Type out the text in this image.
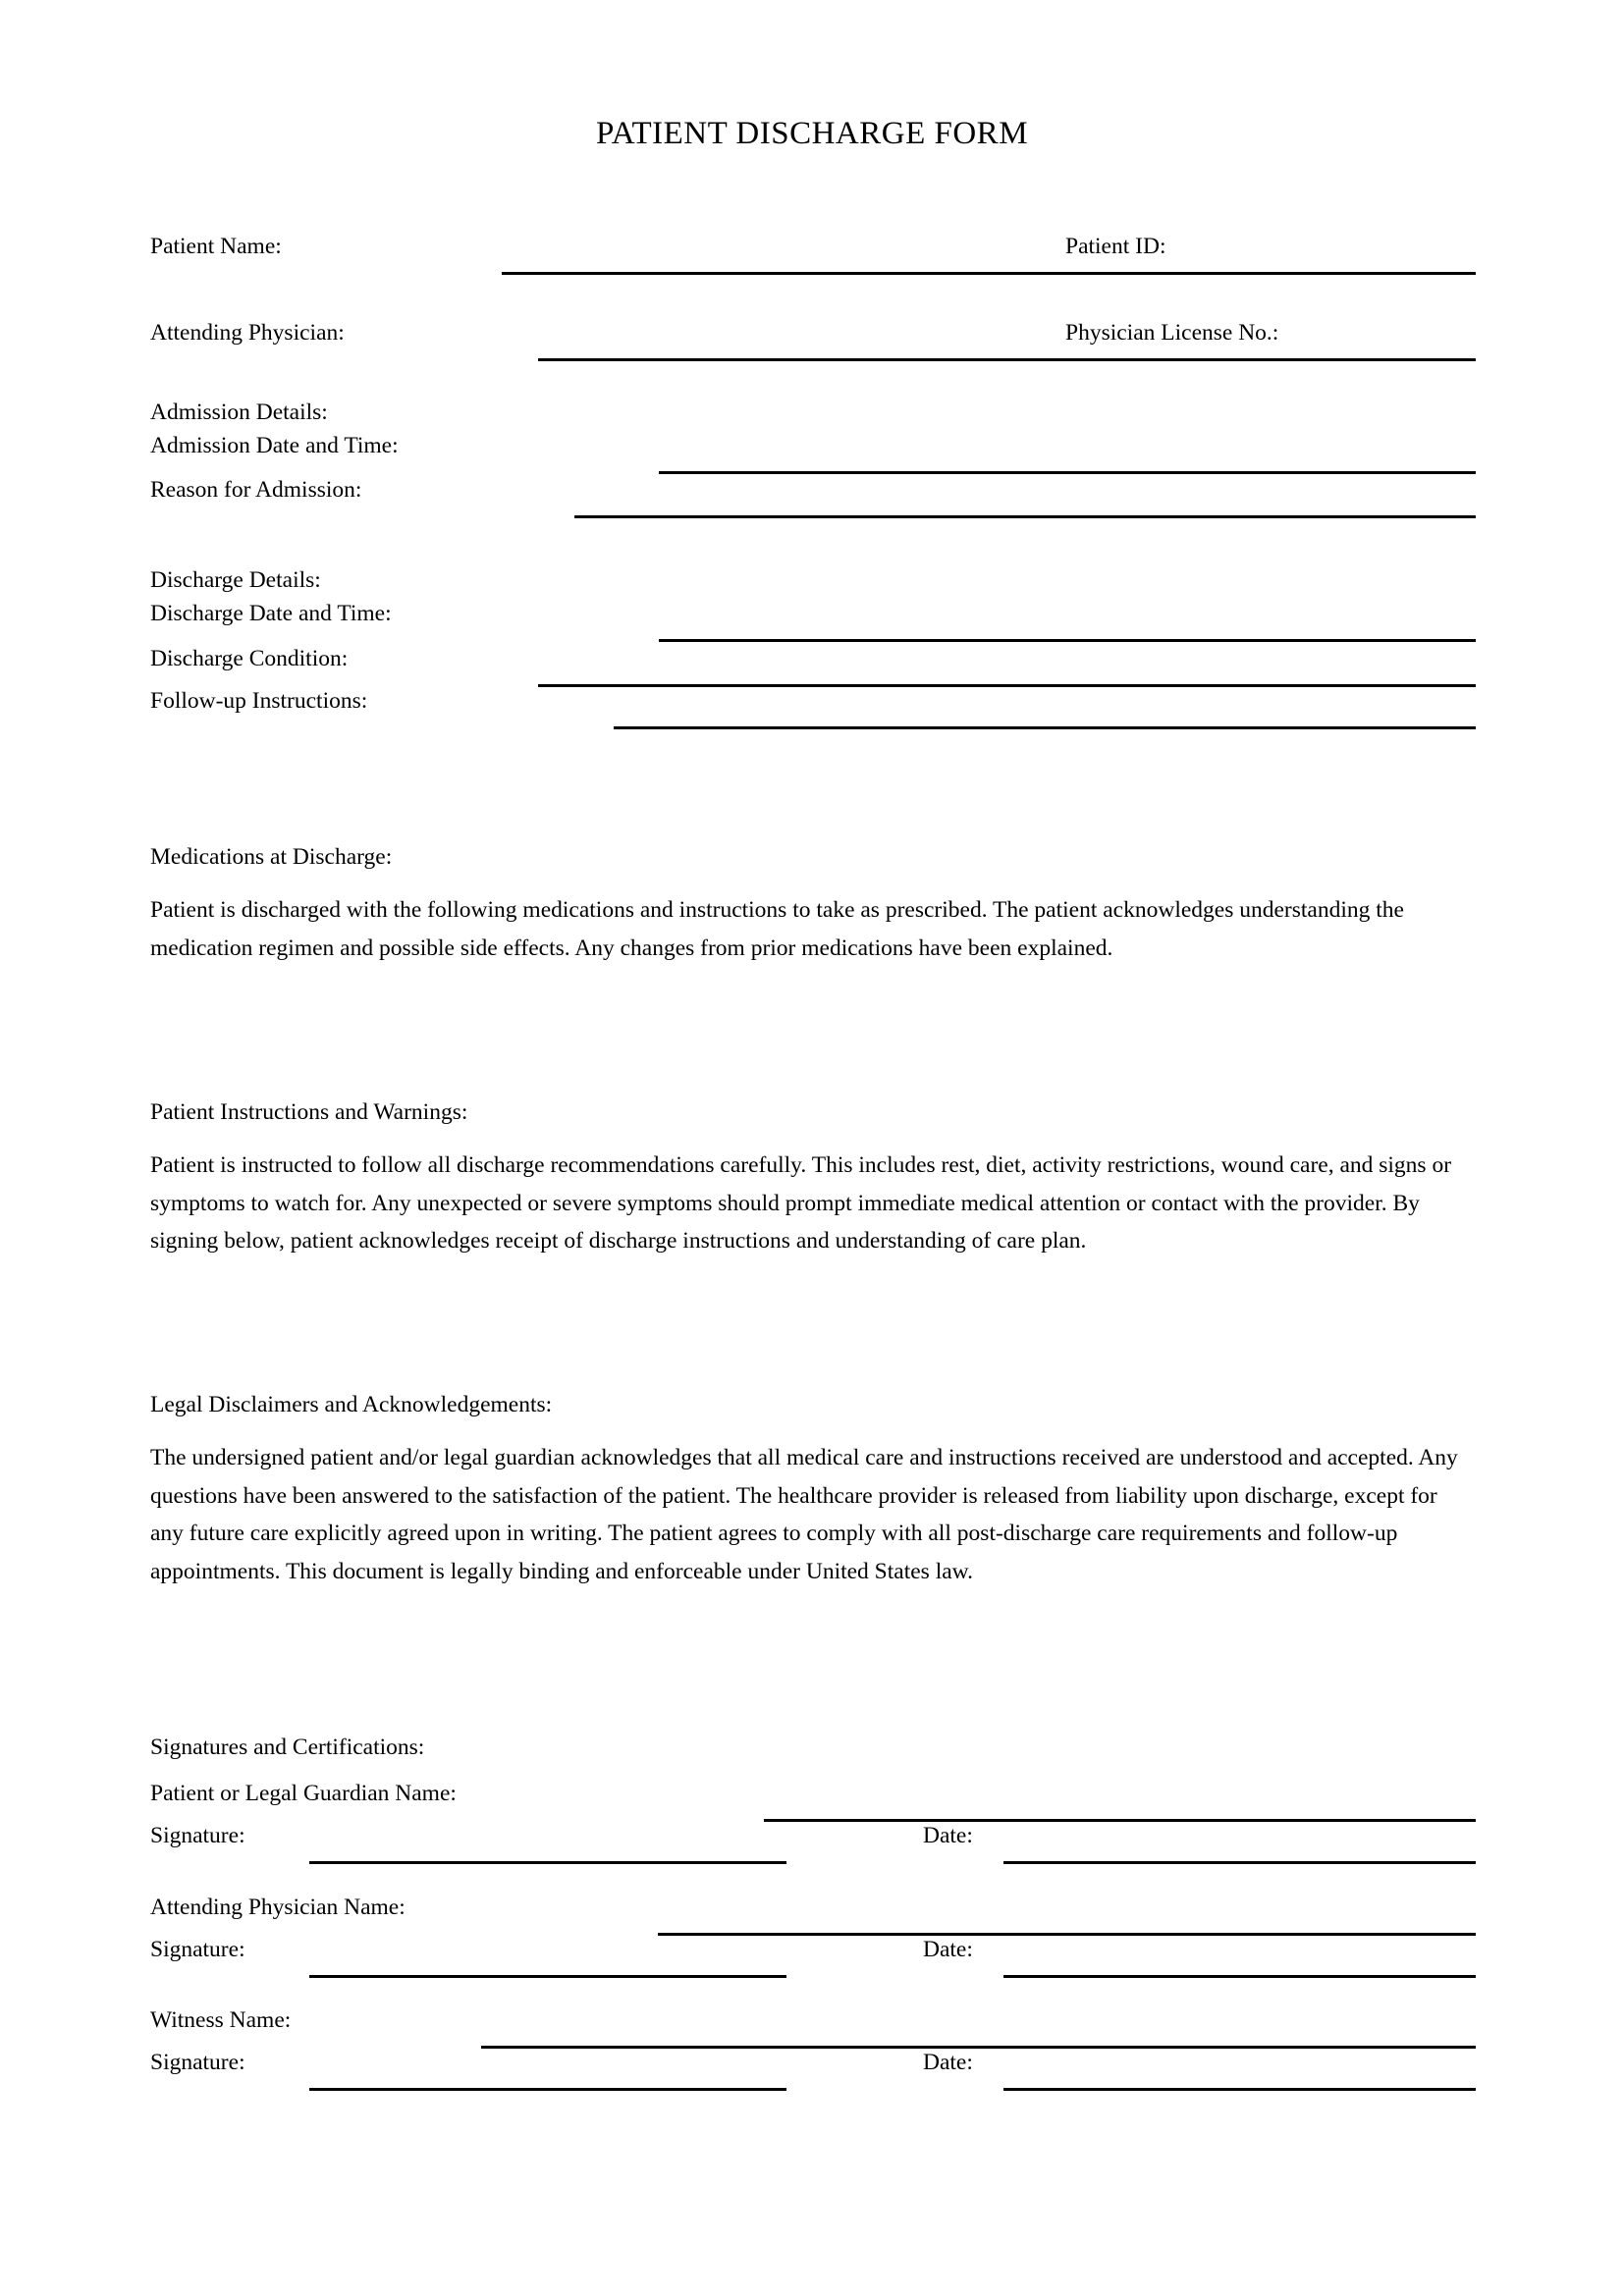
PATIENT DISCHARGE FORM
Patient Name:	Patient ID:
Attending Physician:	Physician License No.:
Admission Details:
Admission Date and Time:
Reason for Admission:
Discharge Details:
Discharge Date and Time:
Discharge Condition:
Follow-up Instructions:
Medications at Discharge:
Patient is discharged with the following medications and instructions to take as prescribed. The patient acknowledges understanding the medication regimen and possible side effects. Any changes from prior medications have been explained.
Patient Instructions and Warnings:
Patient is instructed to follow all discharge recommendations carefully. This includes rest, diet, activity restrictions, wound care, and signs or symptoms to watch for. Any unexpected or severe symptoms should prompt immediate medical attention or contact with the provider. By signing below, patient acknowledges receipt of discharge instructions and understanding of care plan.
Legal Disclaimers and Acknowledgements:
The undersigned patient and/or legal guardian acknowledges that all medical care and instructions received are understood and accepted. Any questions have been answered to the satisfaction of the patient. The healthcare provider is released from liability upon discharge, except for any future care explicitly agreed upon in writing. The patient agrees to comply with all post-discharge care requirements and follow-up appointments. This document is legally binding and enforceable under United States law.
Signatures and Certifications:
Patient or Legal Guardian Name:
Signature:	Date:
Attending Physician Name:
Signature:	Date:
Witness Name:
Signature:	Date:
